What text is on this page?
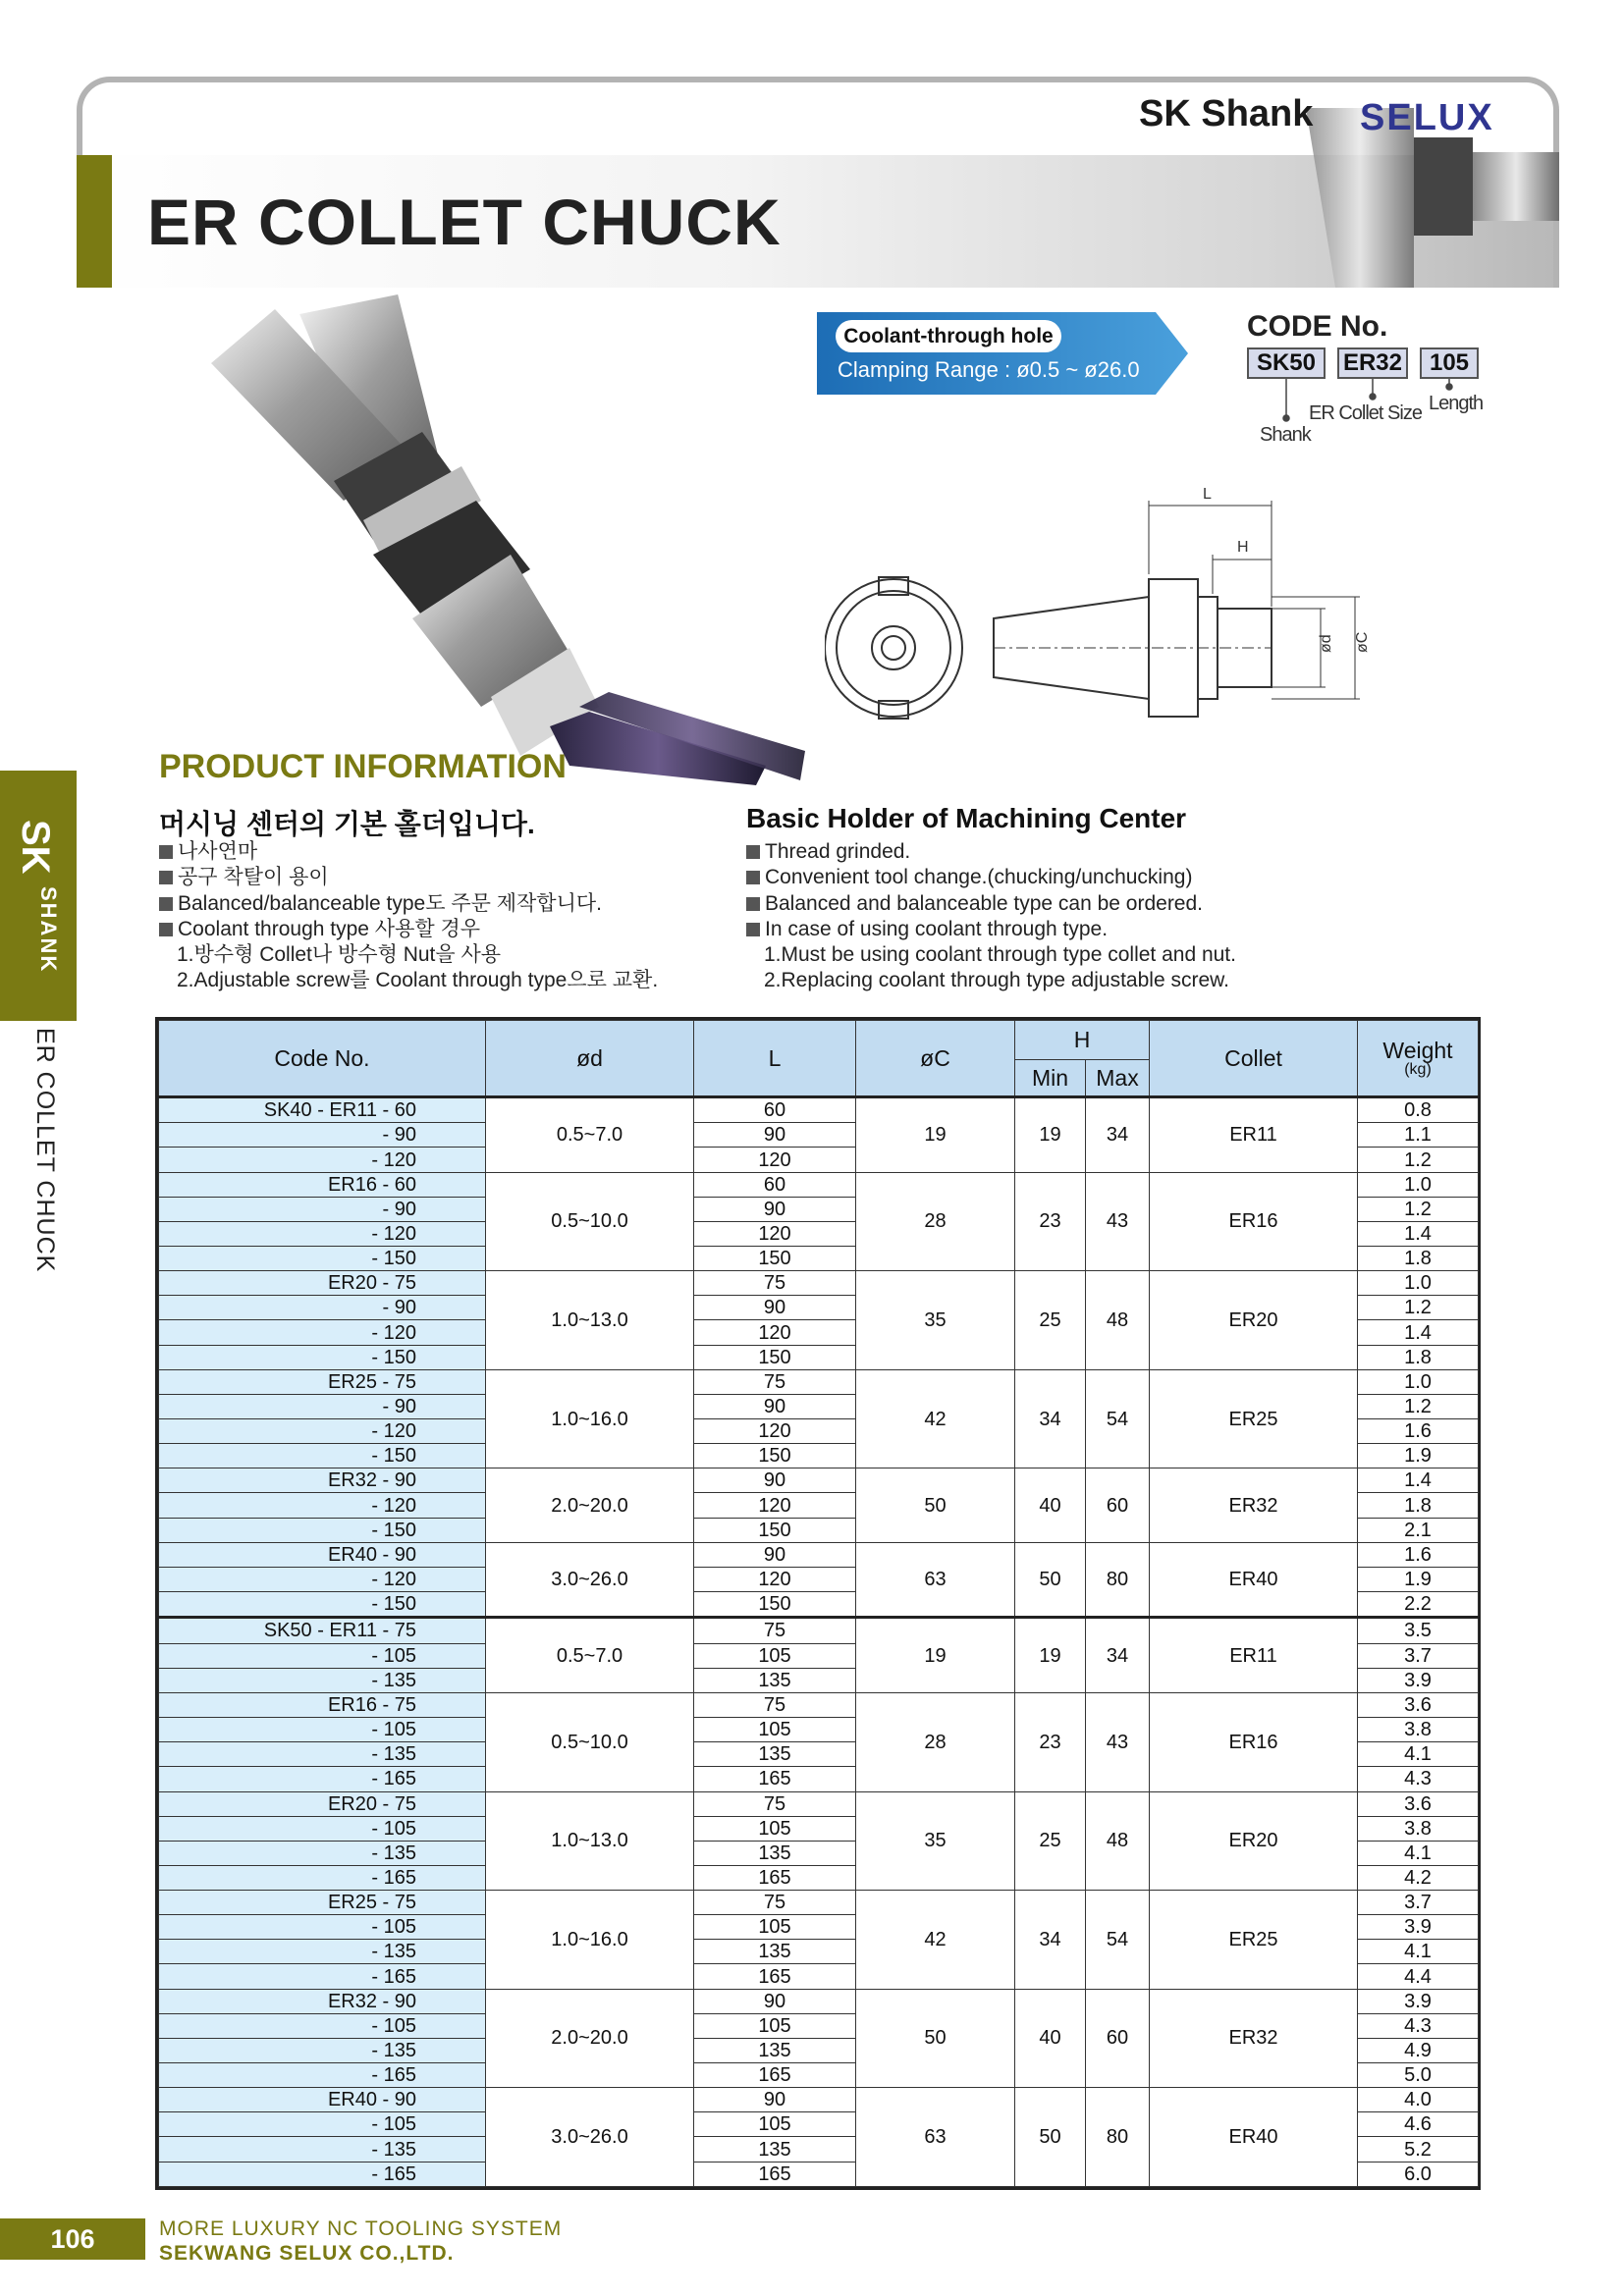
SK Shank SELUX
ER COLLET CHUCK
SK
SHANK
ER COLLET CHUCK
Coolant-through hole
Clamping Range : ø0.5 ~ ø26.0
CODE No.
SK50	ER32	105
Shank
ER Collet Size Length
L
H
ød øC
PRODUCT INFORMATION
머시닝 센터의 기본 홀더입니다.
나사연마
공구 착탈이 용이
Balanced/balanceable type도 주문 제작합니다.
Coolant through type 사용할 경우
1.방수형 Collet나 방수형 Nut을 사용
2.Adjustable screw를 Coolant through type으로 교환.
Basic Holder of Machining Center
Thread grinded.
Convenient tool change.(chucking/unchucking)
Balanced and balanceable type can be ordered.
In case of using coolant through type.
1.Must be using coolant through type collet and nut.
2.Replacing coolant through type adjustable screw.
Code No.	ød	L	øC	H		Collet	Weight
(kg)

				Min	Max		
SK40 - ER11 - 60	0.5~7.0	60	19	19	34	ER11	0.8
- 90		90					1.1
- 120		120					1.2
ER16 - 60	0.5~10.0	60	28	23	43	ER16	1.0
- 90		90					1.2
- 120		120					1.4
- 150		150					1.8
ER20 - 75	1.0~13.0	75	35	25	48	ER20	1.0
- 90		90					1.2
- 120		120					1.4
- 150		150					1.8
ER25 - 75	1.0~16.0	75	42	34	54	ER25	1.0
- 90		90					1.2
- 120		120					1.6
- 150		150					1.9
ER32 - 90	2.0~20.0	90	50	40	60	ER32	1.4
- 120		120					1.8
- 150		150					2.1
ER40 - 90	3.0~26.0	90	63	50	80	ER40	1.6
- 120		120					1.9
- 150		150					2.2
SK50 - ER11 - 75	0.5~7.0	75	19	19	34	ER11	3.5
- 105		105					3.7
- 135		135					3.9
ER16 - 75	0.5~10.0	75	28	23	43	ER16	3.6
- 105		105					3.8
- 135		135					4.1
- 165		165					4.3
ER20 - 75	1.0~13.0	75	35	25	48	ER20	3.6
- 105		105					3.8
- 135		135					4.1
- 165		165					4.2
ER25 - 75	1.0~16.0	75	42	34	54	ER25	3.7
- 105		105					3.9
- 135		135					4.1
- 165		165					4.4
ER32 - 90	2.0~20.0	90	50	40	60	ER32	3.9
- 105		105					4.3
- 135		135					4.9
- 165		165					5.0
ER40 - 90	3.0~26.0	90	63	50	80	ER40	4.0
- 105		105					4.6
- 135		135					5.2
- 165		165					6.0
106	MORE LUXURY NC TOOLING SYSTEM
SEKWANG SELUX CO.,LTD.
